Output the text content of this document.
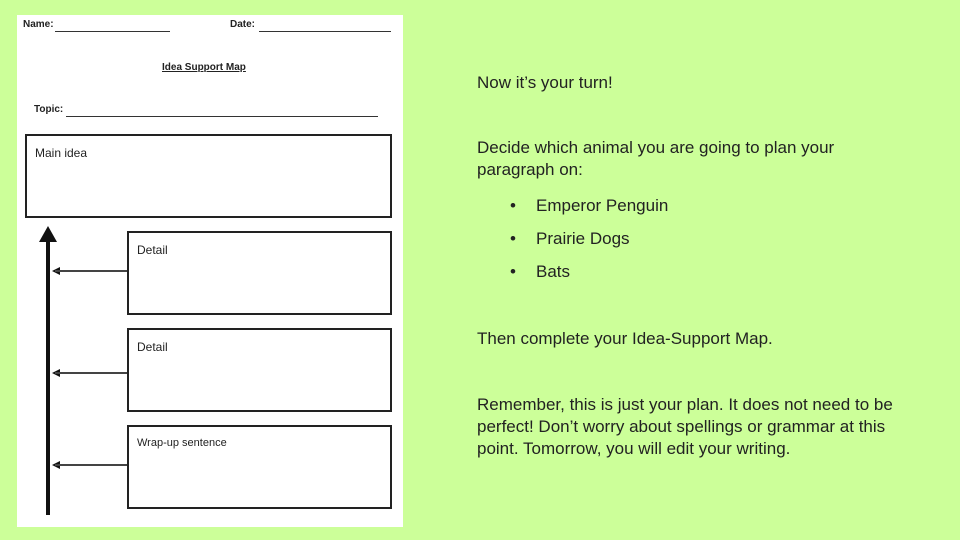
Name:	Date:
Idea Support Map
Topic:
Main idea
Detail
Detail
Wrap-up sentence

Now it’s your turn!

Decide which animal you are going to plan your paragraph on:

• Emperor Penguin
• Prairie Dogs
• Bats

Then complete your Idea-Support Map.

Remember, this is just your plan. It does not need to be perfect! Don’t worry about spellings or grammar at this point. Tomorrow, you will edit your writing.
